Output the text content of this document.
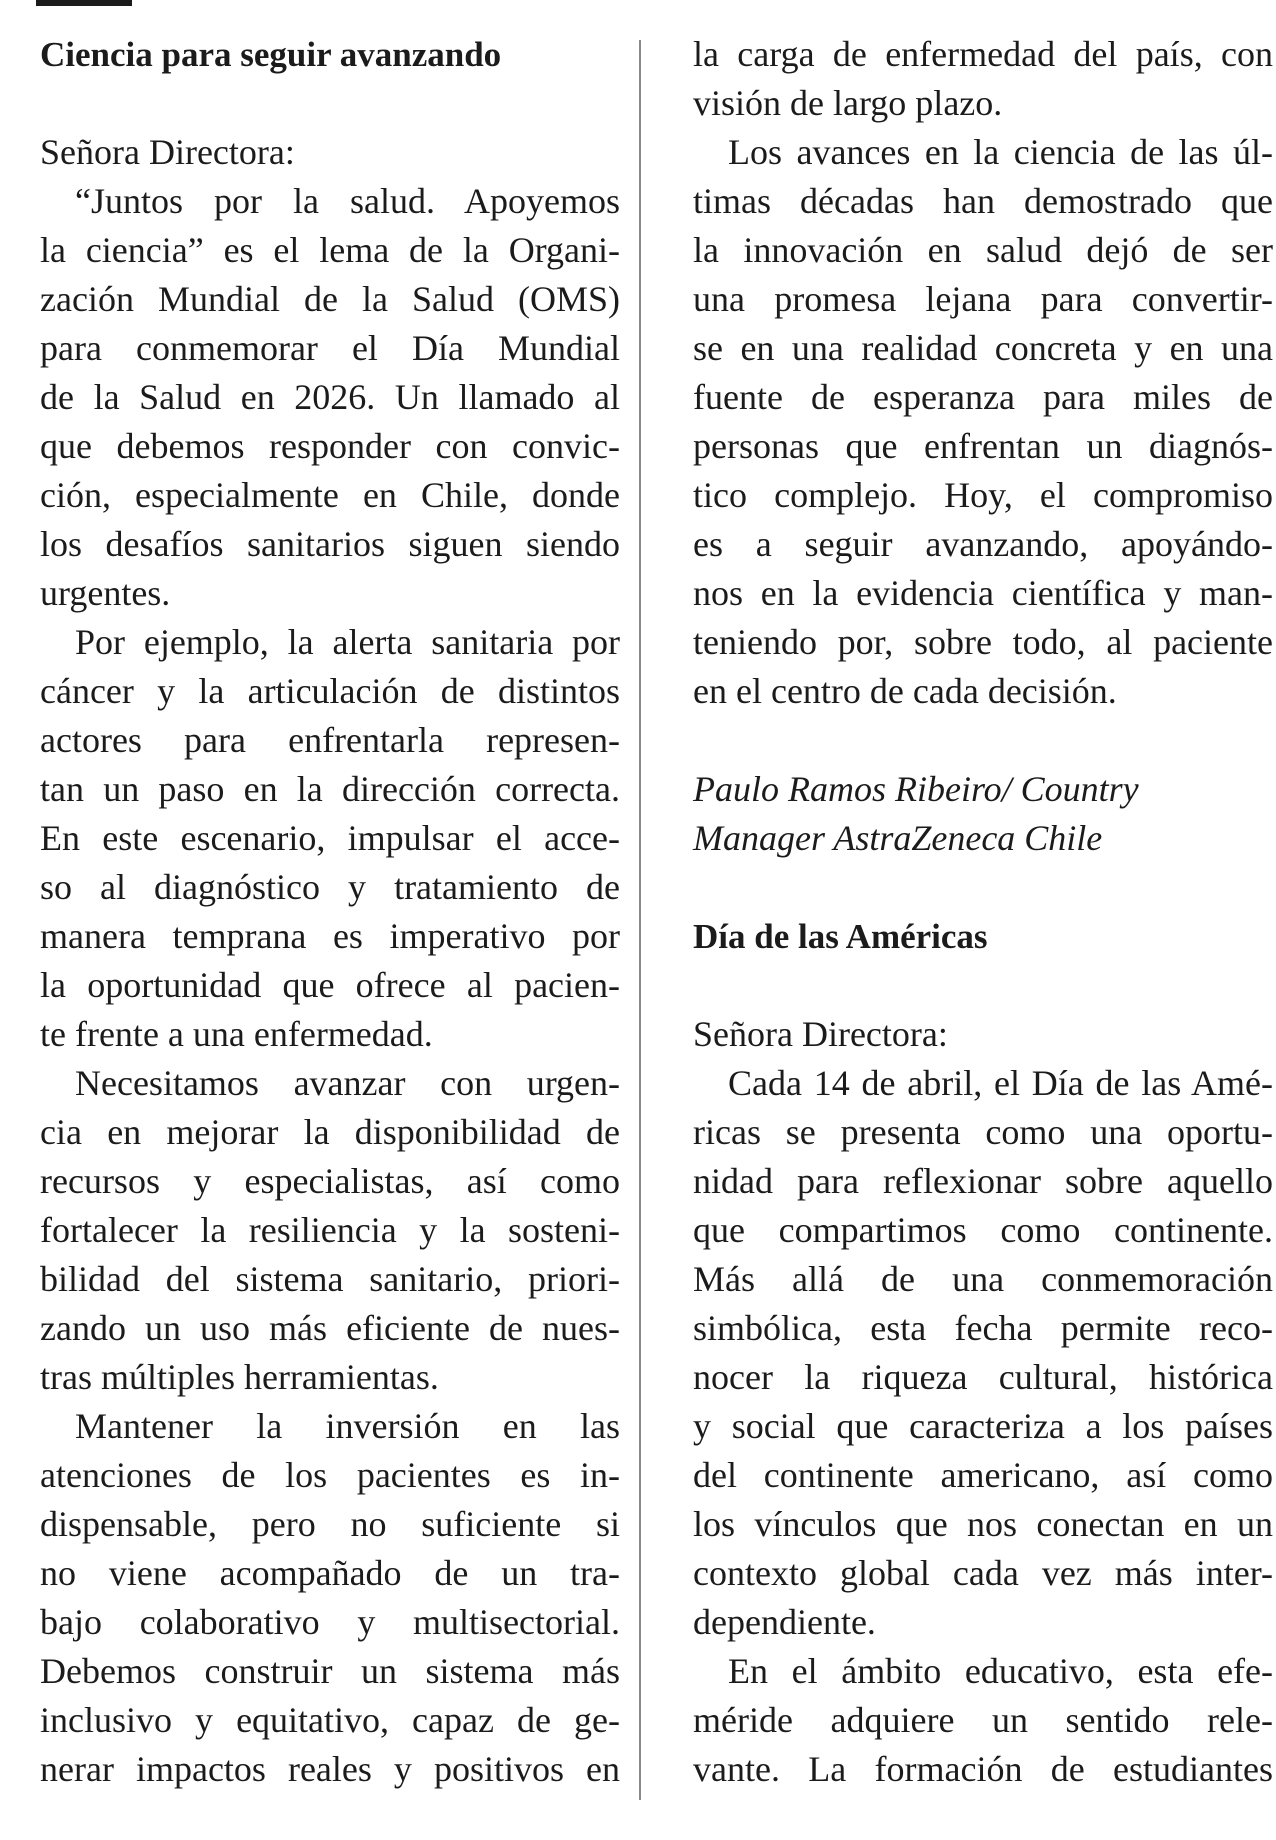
Ciencia para seguir avanzando
Señora Directora:
“Juntos por la salud. Apoyemos
la ciencia” es el lema de la Organi-
zación Mundial de la Salud (OMS)
para conmemorar el Día Mundial
de la Salud en 2026. Un llamado al
que debemos responder con convic-
ción, especialmente en Chile, donde
los desafíos sanitarios siguen siendo
urgentes.
Por ejemplo, la alerta sanitaria por
cáncer y la articulación de distintos
actores para enfrentarla represen-
tan un paso en la dirección correcta.
En este escenario, impulsar el acce-
so al diagnóstico y tratamiento de
manera temprana es imperativo por
la oportunidad que ofrece al pacien-
te frente a una enfermedad.
Necesitamos avanzar con urgen-
cia en mejorar la disponibilidad de
recursos y especialistas, así como
fortalecer la resiliencia y la sosteni-
bilidad del sistema sanitario, priori-
zando un uso más eficiente de nues-
tras múltiples herramientas.
Mantener la inversión en las
atenciones de los pacientes es in-
dispensable, pero no suficiente si
no viene acompañado de un tra-
bajo colaborativo y multisectorial.
Debemos construir un sistema más
inclusivo y equitativo, capaz de ge-
nerar impactos reales y positivos en
la carga de enfermedad del país, con
visión de largo plazo.
Los avances en la ciencia de las úl-
timas décadas han demostrado que
la innovación en salud dejó de ser
una promesa lejana para convertir-
se en una realidad concreta y en una
fuente de esperanza para miles de
personas que enfrentan un diagnós-
tico complejo. Hoy, el compromiso
es a seguir avanzando, apoyándo-
nos en la evidencia científica y man-
teniendo por, sobre todo, al paciente
en el centro de cada decisión.
Paulo Ramos Ribeiro/ Country
Manager AstraZeneca Chile
Día de las Américas
Señora Directora:
Cada 14 de abril, el Día de las Amé-
ricas se presenta como una oportu-
nidad para reflexionar sobre aquello
que compartimos como continente.
Más allá de una conmemoración
simbólica, esta fecha permite reco-
nocer la riqueza cultural, histórica
y social que caracteriza a los países
del continente americano, así como
los vínculos que nos conectan en un
contexto global cada vez más inter-
dependiente.
En el ámbito educativo, esta efe-
méride adquiere un sentido rele-
vante. La formación de estudiantes
